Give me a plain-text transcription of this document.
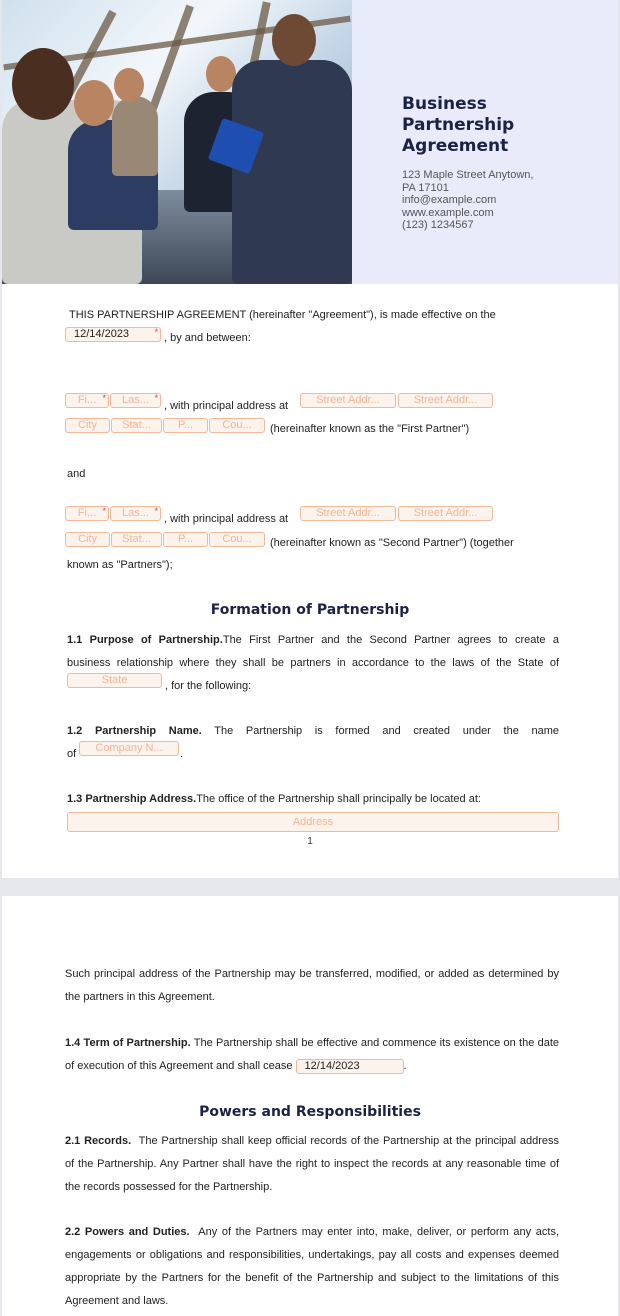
Business
Partnership
Agreement
123 Maple Street Anytown,
PA 17101
info@example.com
www.example.com
(123) 1234567
THIS PARTNERSHIP AGREEMENT (hereinafter "Agreement"), is made effective on the
12/14/2023	* , by and between:
Fi... *	Las... *
, with principal address at	Street Addr...	Street Addr...
City	Stat...	P...	Cou...	(hereinafter known as the "First Partner")
and
Fi... *	Las... *
, with principal address at	Street Addr...	Street Addr...
City	Stat...	P...	Cou...	(hereinafter known as "Second Partner") (together
known as "Partners");
Formation of Partnership
1.1 Purpose of Partnership.The First Partner and the Second Partner agrees to create a
business relationship where they shall be partners in accordance to the laws of the State of
State	, for the following:
1.2 Partnership Name. The Partnership is formed and created under the name
of	Company N...	.
1.3 Partnership Address.The office of the Partnership shall principally be located at:
Address
1
Such principal address of the Partnership may be transferred, modified, or added as determined by the partners in this Agreement.
1.4 Term of Partnership. The Partnership shall be effective and commence its existence on the date of execution of this Agreement and shall cease 12/14/2023	.
Powers and Responsibilities
2.1 Records. The Partnership shall keep official records of the Partnership at the principal address of the Partnership. Any Partner shall have the right to inspect the records at any reasonable time of the records possessed for the Partnership.
2.2 Powers and Duties. Any of the Partners may enter into, make, deliver, or perform any acts, engagements or obligations and responsibilities, undertakings, pay all costs and expenses deemed appropriate by the Partners for the benefit of the Partnership and subject to the limitations of this Agreement and laws.
